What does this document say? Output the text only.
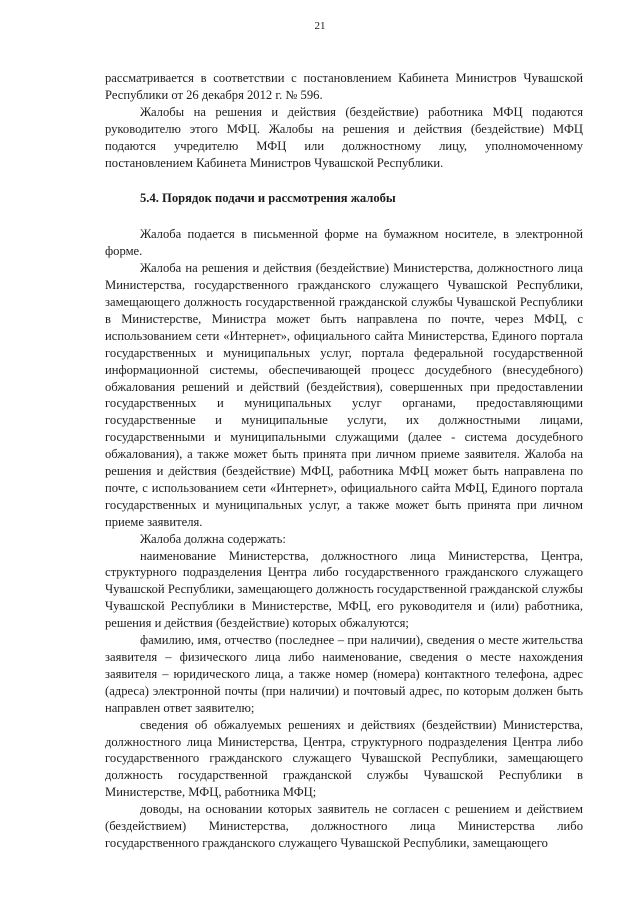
21

рассматривается в соответствии с постановлением Кабинета Министров Чувашской Республики от 26 декабря 2012 г. № 596.

Жалобы на решения и действия (бездействие) работника МФЦ подаются руководителю этого МФЦ. Жалобы на решения и действия (бездействие) МФЦ подаются учредителю МФЦ или должностному лицу, уполномоченному постановлением Кабинета Министров Чувашской Республики.

5.4. Порядок подачи и рассмотрения жалобы

Жалоба подается в письменной форме на бумажном носителе, в электронной форме.

Жалоба на решения и действия (бездействие) Министерства, должностного лица Министерства, государственного гражданского служащего Чувашской Республики, замещающего должность государственной гражданской службы Чувашской Республики в Министерстве, Министра может быть направлена по почте, через МФЦ, с использованием сети «Интернет», официального сайта Министерства, Единого портала государственных и муниципальных услуг, портала федеральной государственной информационной системы, обеспечивающей процесс досудебного (внесудебного) обжалования решений и действий (бездействия), совершенных при предоставлении государственных и муниципальных услуг органами, предоставляющими государственные и муниципальные услуги, их должностными лицами, государственными и муниципальными служащими (далее - система досудебного обжалования), а также может быть принята при личном приеме заявителя. Жалоба на решения и действия (бездействие) МФЦ, работника МФЦ может быть направлена по почте, с использованием сети «Интернет», официального сайта МФЦ, Единого портала государственных и муниципальных услуг, а также может быть принята при личном приеме заявителя.

Жалоба должна содержать:

наименование Министерства, должностного лица Министерства, Центра, структурного подразделения Центра либо государственного гражданского служащего Чувашской Республики, замещающего должность государственной гражданской службы Чувашской Республики в Министерстве, МФЦ, его руководителя и (или) работника, решения и действия (бездействие) которых обжалуются;

фамилию, имя, отчество (последнее – при наличии), сведения о месте жительства заявителя – физического лица либо наименование, сведения о месте нахождения заявителя – юридического лица, а также номер (номера) контактного телефона, адрес (адреса) электронной почты (при наличии) и почтовый адрес, по которым должен быть направлен ответ заявителю;

сведения об обжалуемых решениях и действиях (бездействии) Министерства, должностного лица Министерства, Центра, структурного подразделения Центра либо государственного гражданского служащего Чувашской Республики, замещающего должность государственной гражданской службы Чувашской Республики в Министерстве, МФЦ, работника МФЦ;

доводы, на основании которых заявитель не согласен с решением и действием (бездействием) Министерства, должностного лица Министерства либо государственного гражданского служащего Чувашской Республики, замещающего
